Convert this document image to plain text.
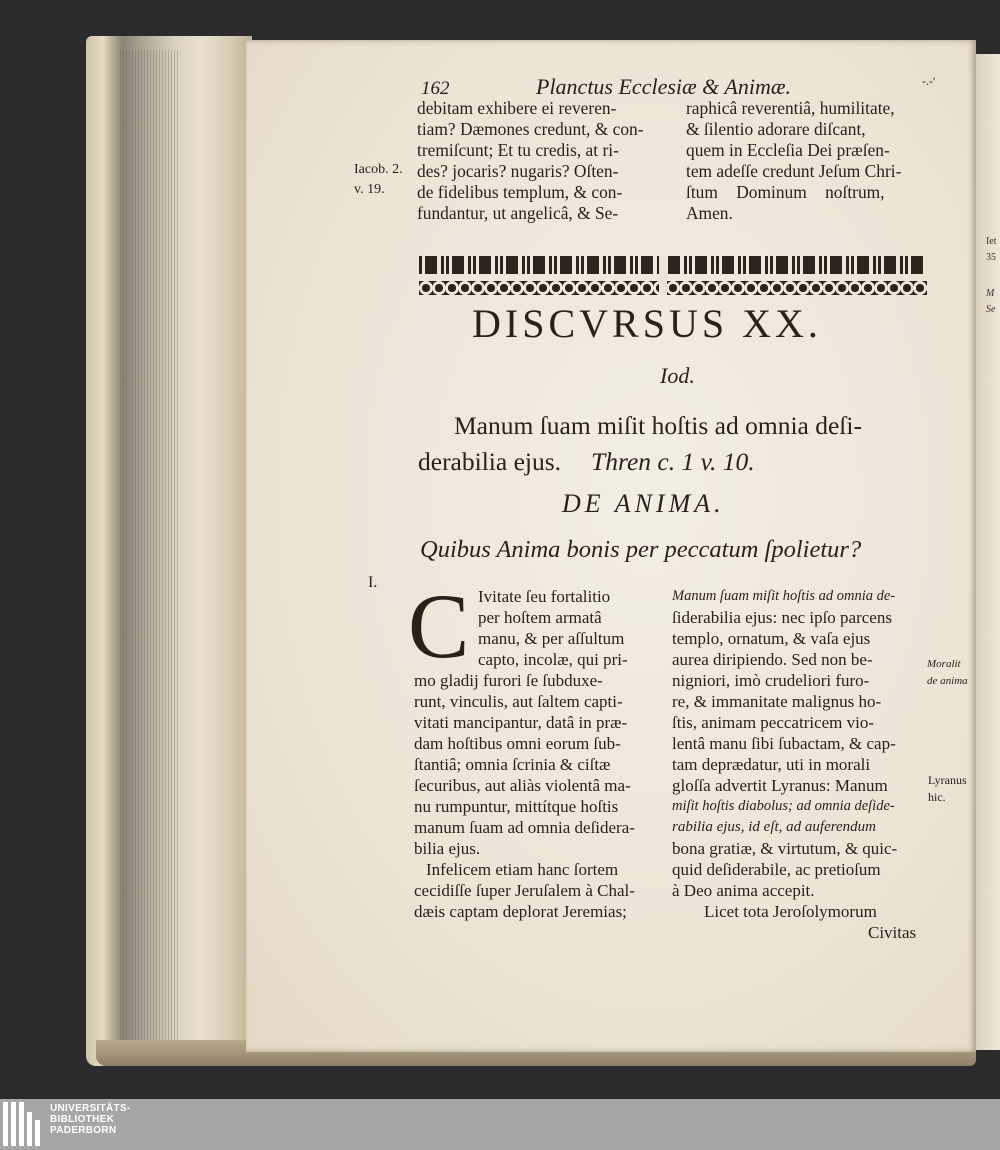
Iet
35
M
Se
162	Planctus Ecclesiæ & Animæ.	-.-'
debitam exhibere ei reveren-
tiam? Dæmones credunt, & con-
tremiſcunt; Et tu credis, at ri-
des? jocaris? nugaris? Oſten-
de fidelibus templum, & con-
fundantur, ut angelicâ, & Se-
raphicâ reverentiâ, humilitate,
& ſilentio adorare diſcant,
quem in Eccleſia Dei præſen-
tem adeſſe credunt Jeſum Chri-
ſtum Dominum noſtrum,
Amen.
Iacob. 2.
v. 19.
DISCVRSUS XX.
Iod.
Manum ſuam miſit hoſtis ad omnia deſi-
derabilia ejus. Thren c. 1 v. 10.
DE ANIMA.
Quibus Anima bonis per peccatum ſpolietur?
I. C Ivitate ſeu fortalitio
per hoſtem armatâ
manu, & per aſſultum
capto, incolæ, qui pri-
mo gladij furori ſe ſubduxe-
runt, vinculis, aut ſaltem capti-
vitati mancipantur, datâ in præ-
dam hoſtibus omni eorum ſub-
ſtantiâ; omnia ſcrinia & ciſtæ
ſecuribus, aut aliàs violentâ ma-
nu rumpuntur, mittítque hoſtis
manum ſuam ad omnia deſidera-
bilia ejus.
Infelicem etiam hanc ſortem
cecidiſſe ſuper Jeruſalem à Chal-
dæis captam deplorat Jeremias;
Manum ſuam miſit hoſtis ad omnia de-
ſiderabilia ejus: nec ipſo parcens
templo, ornatum, & vaſa ejus
aurea diripiendo. Sed non be-
nigniori, imò crudeliori furo-
re, & immanitate malignus ho-
ſtis, animam peccatricem vio-
lentâ manu ſibi ſubactam, & cap-
tam deprædatur, uti in morali
gloſſa advertit Lyranus: Manum
miſit hoſtis diabolus; ad omnia deſide-
rabilia ejus, id eſt, ad auferendum
bona gratiæ, & virtutum, & quic-
quid deſiderabile, ac pretioſum
à Deo anima accepit.
Licet tota Jeroſolymorum
Civitas
Moralit
de anima
Lyranus
hic.
UNIVERSITÄTS-
BIBLIOTHEK
PADERBORN
